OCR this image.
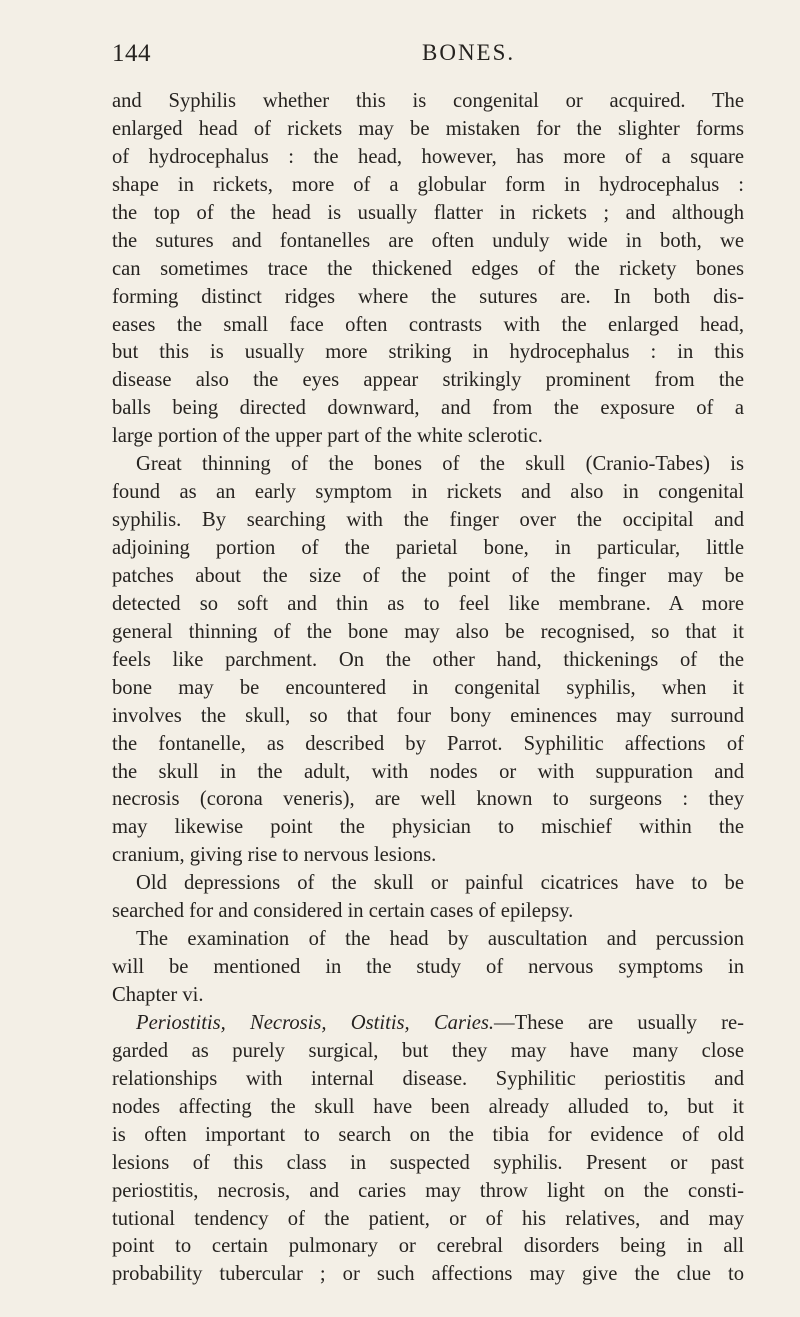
144	BONES.
and Syphilis whether this is congenital or acquired. The
enlarged head of rickets may be mistaken for the slighter forms
of hydrocephalus : the head, however, has more of a square
shape in rickets, more of a globular form in hydrocephalus :
the top of the head is usually flatter in rickets ; and although
the sutures and fontanelles are often unduly wide in both, we
can sometimes trace the thickened edges of the rickety bones
forming distinct ridges where the sutures are. In both dis-
eases the small face often contrasts with the enlarged head,
but this is usually more striking in hydrocephalus : in this
disease also the eyes appear strikingly prominent from the
balls being directed downward, and from the exposure of a
large portion of the upper part of the white sclerotic.
Great thinning of the bones of the skull (Cranio-Tabes) is
found as an early symptom in rickets and also in congenital
syphilis. By searching with the finger over the occipital and
adjoining portion of the parietal bone, in particular, little
patches about the size of the point of the finger may be
detected so soft and thin as to feel like membrane. A more
general thinning of the bone may also be recognised, so that it
feels like parchment. On the other hand, thickenings of the
bone may be encountered in congenital syphilis, when it
involves the skull, so that four bony eminences may surround
the fontanelle, as described by Parrot. Syphilitic affections of
the skull in the adult, with nodes or with suppuration and
necrosis (corona veneris), are well known to surgeons : they
may likewise point the physician to mischief within the
cranium, giving rise to nervous lesions.
Old depressions of the skull or painful cicatrices have to be
searched for and considered in certain cases of epilepsy.
The examination of the head by auscultation and percussion
will be mentioned in the study of nervous symptoms in
Chapter vi.
Periostitis, Necrosis, Ostitis, Caries.—These are usually re-
garded as purely surgical, but they may have many close
relationships with internal disease. Syphilitic periostitis and
nodes affecting the skull have been already alluded to, but it
is often important to search on the tibia for evidence of old
lesions of this class in suspected syphilis. Present or past
periostitis, necrosis, and caries may throw light on the consti-
tutional tendency of the patient, or of his relatives, and may
point to certain pulmonary or cerebral disorders being in all
probability tubercular ; or such affections may give the clue to
